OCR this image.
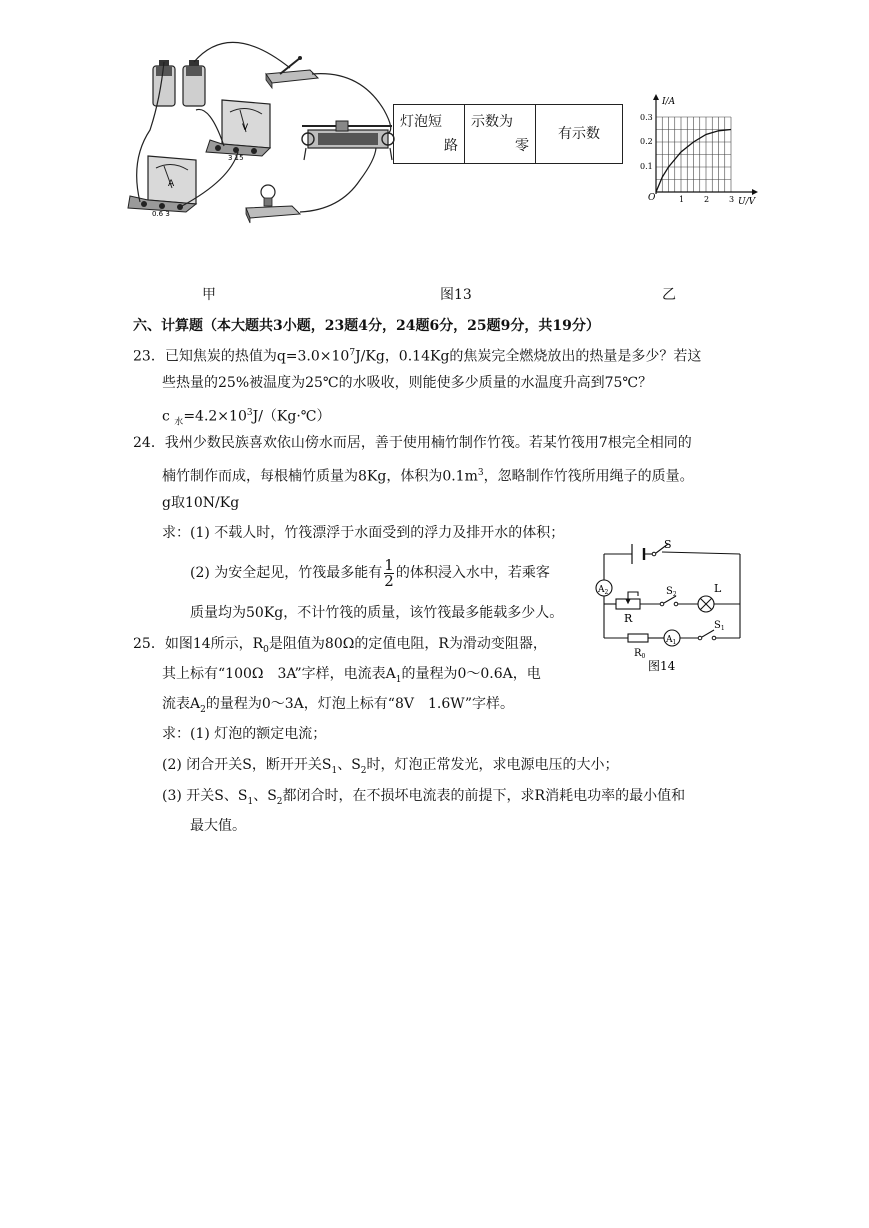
V
3 15
A
0.6 3
灯泡短
路

示数为
零

有示数
I/A
U/V
O
0.3
0.2
0.1
1 2 3
甲	图13	乙
六、计算题（本大题共3小题，23题4分，24题6分，25题9分，共19分）
23．已知焦炭的热值为$q=3.0\times 10^7J/Kg$，0.14Kg的焦炭完全燃烧放出的热量是多少？若这
些热量的25%被温度为25℃的水吸收，则能使多少质量的水温度升高到75℃？
c $_水=4.2\times 10^3J/(Kg\cdot℃)$
24．我州少数民族喜欢依山傍水而居，善于使用楠竹制作竹筏。若某竹筏用7根完全相同的
楠竹制作而成，每根楠竹质量为8Kg，体积为$0.1m^3$，忽略制作竹筏所用绳子的质量。
g取10N/Kg
求：(1) 不载人时，竹筏漂浮于水面受到的浮力及排开水的体积；
(2) 为安全起见，竹筏最多能有 $\frac{1}{2}$ 的体积浸入水中，若乘客
质量均为50Kg，不计竹筏的质量，该竹筏最多能载多少人。
25．如图14所示，$R_0$是阻值为80Ω的定值电阻，R为滑动变阻器，
其上标有“100Ω　3A”字样，电流表$A_1$的量程为0～0.6A，电
流表$A_2$的量程为0～3A，灯泡上标有“8V　1.6W”字样。
求：(1) 灯泡的额定电流；
(2) 闭合开关S，断开开关$S_1$、$S_2$时，灯泡正常发光，求电源电压的大小；
(3) 开关S、$S_1$、$S_2$都闭合时，在不损坏电流表的前提下，求R消耗电功率的最小值和
最大值。
S
$A_2$
R
$S_2$	L
$R_0$
$A_1$
$S_1$
图14
